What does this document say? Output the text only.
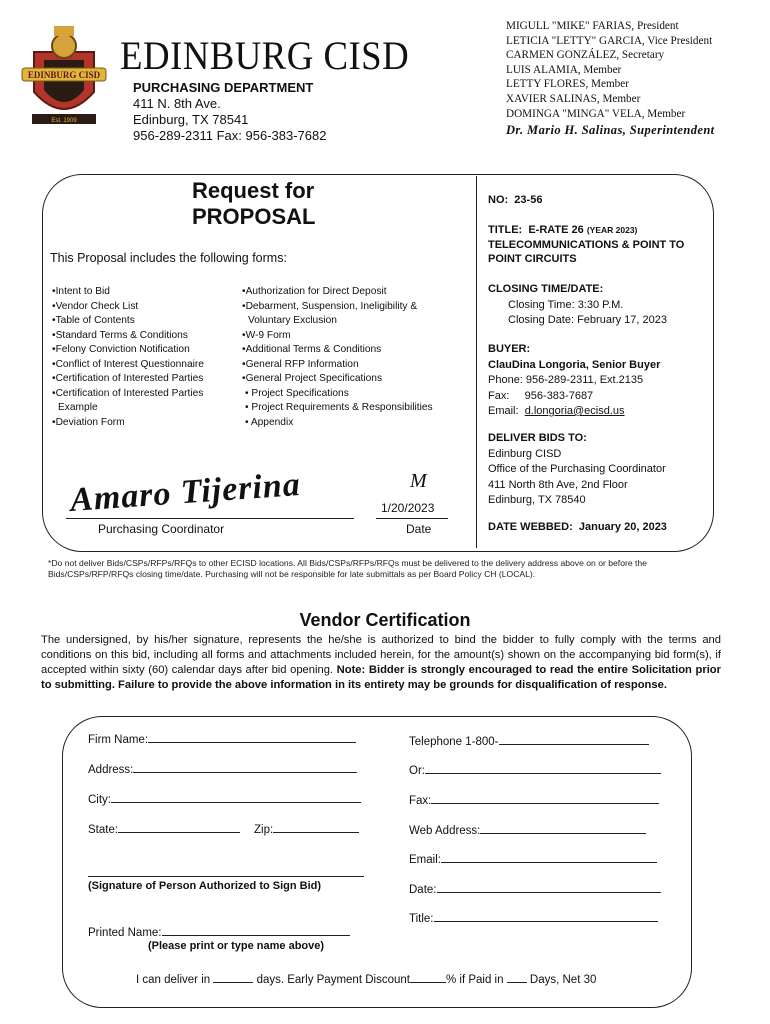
EDINBURG CISD
Est. 1909
EDINBURG CISD
PURCHASING DEPARTMENT
411 N. 8th Ave.
Edinburg, TX 78541
956-289-2311 Fax: 956-383-7682
MIGULL "MIKE" FARIAS, President
LETICIA "LETTY" GARCIA, Vice President
CARMEN GONZÁLEZ, Secretary
LUIS ALAMIA, Member
LETTY FLORES, Member
XAVIER SALINAS, Member
DOMINGA "MINGA" VELA, Member
Dr. Mario H. Salinas, Superintendent
Request for
PROPOSAL
This Proposal includes the following forms:
•Intent to Bid
•Vendor Check List
•Table of Contents
•Standard Terms & Conditions
•Felony Conviction Notification
•Conflict of Interest Questionnaire
•Certification of Interested Parties
•Certification of Interested Parties
Example
•Deviation Form
•Authorization for Direct Deposit
•Debarment, Suspension, Ineligibility &
Voluntary Exclusion
•W-9 Form
•Additional Terms & Conditions
•General RFP Information
•General Project Specifications
• Project Specifications
• Project Requirements & Responsibilities
• Appendix
Amaro Tijerina	M
1/20/2023
Purchasing Coordinator	Date
NO: 23-56
TITLE: E-RATE 26 (YEAR 2023)
TELECOMMUNICATIONS & POINT TO
POINT CIRCUITS
CLOSING TIME/DATE:
Closing Time: 3:30 P.M.
Closing Date: February 17, 2023
BUYER:
ClauDina Longoria, Senior Buyer
Phone: 956-289-2311, Ext.2135
Fax:     956-383-7687
Email: d.longoria@ecisd.us
DELIVER BIDS TO:
Edinburg CISD
Office of the Purchasing Coordinator
411 North 8th Ave, 2nd Floor
Edinburg, TX 78540
DATE WEBBED: January 20, 2023
*Do not deliver Bids/CSPs/RFPs/RFQs to other ECISD locations. All Bids/CSPs/RFPs/RFQs must be delivered to the delivery address above on or before the Bids/CSPs/RFP/RFQs closing time/date. Purchasing will not be responsible for late submittals as per Board Policy CH (LOCAL).
Vendor Certification
The undersigned, by his/her signature, represents the he/she is authorized to bind the bidder to fully comply with the terms and conditions on this bid, including all forms and attachments included herein, for the amount(s) shown on the accompanying bid form(s), if accepted within sixty (60) calendar days after bid opening. Note: Bidder is strongly encouraged to read the entire Solicitation prior to submitting. Failure to provide the above information in its entirety may be grounds for disqualification of response.
Firm Name:
Address:
City:
State:	Zip:
(Signature of Person Authorized to Sign Bid)
Printed Name:
(Please print or type name above)
Telephone 1-800-
Or:
Fax:
Web Address:
Email:
Date:
Title:
I can deliver in	days. Early Payment Discount	% if Paid in Days, Net 30
